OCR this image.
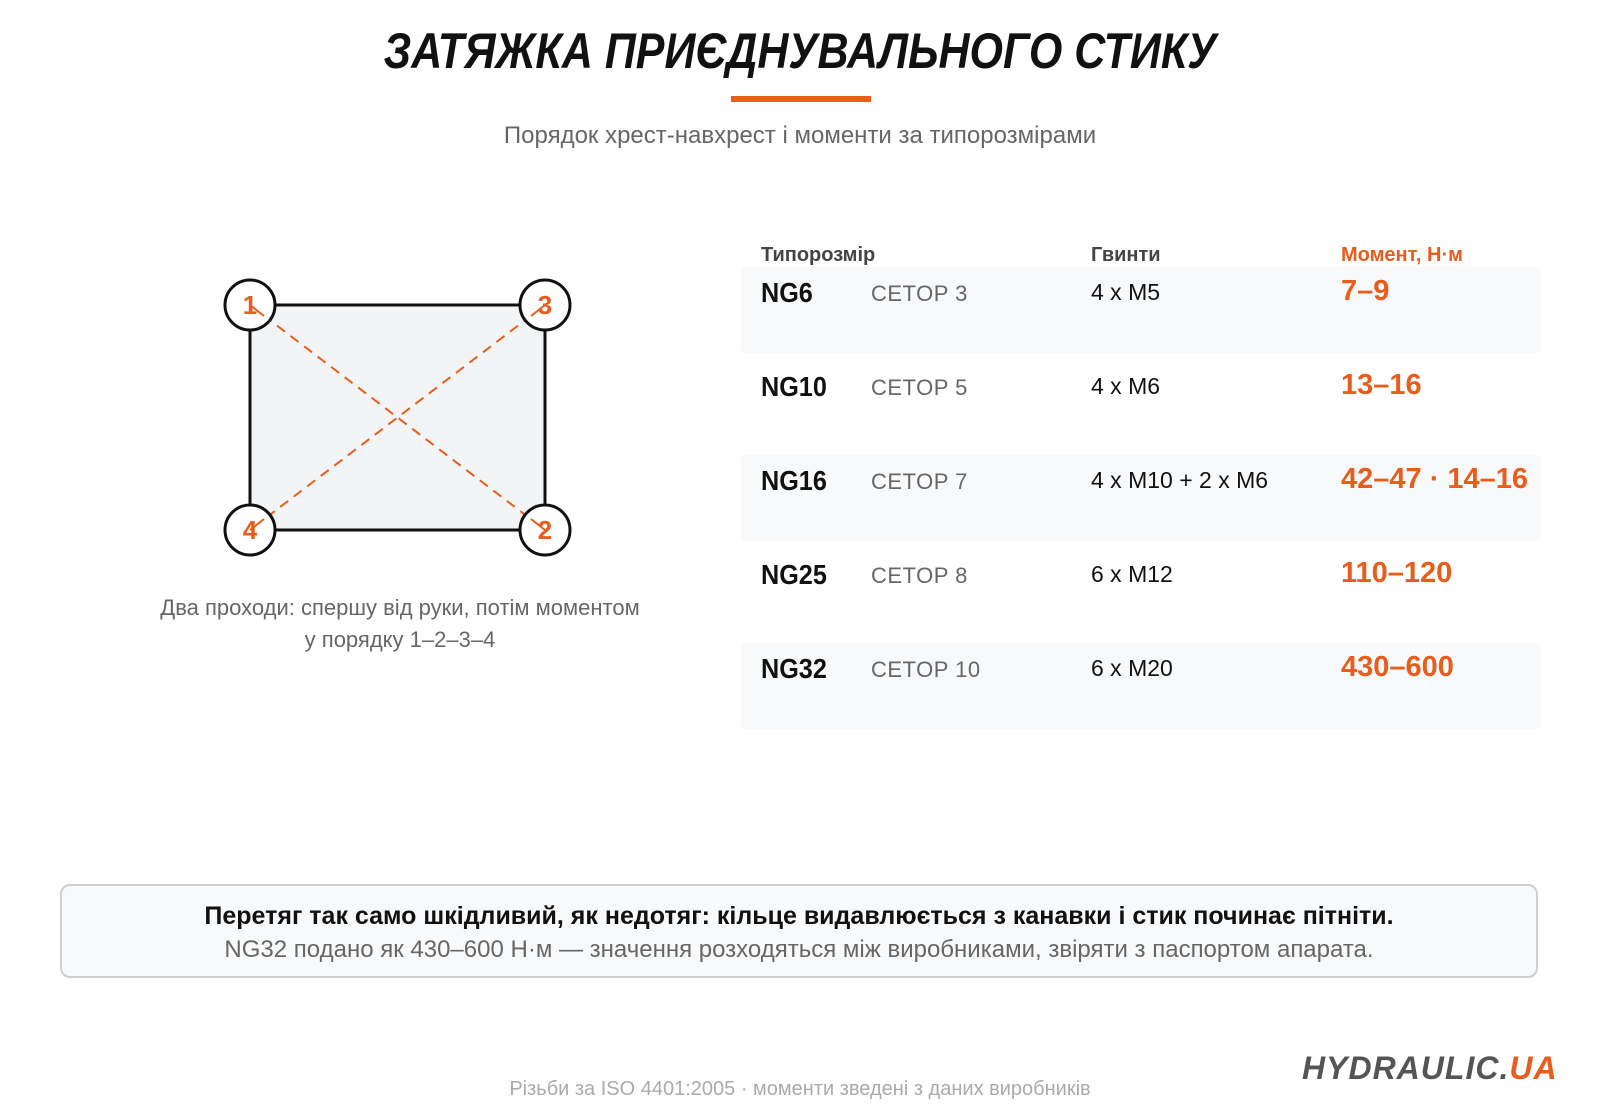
ЗАТЯЖКА ПРИЄДНУВАЛЬНОГО СТИКУ
Порядок хрест-навхрест і моменти за типорозмірами
1	3
4	2
Два проходи: спершу від руки, потім моментом
у порядку 1–2–3–4
Типорозмір	Гвинти	Момент, Н·м
NG6	CETOP 3	4 x M5	7–9
NG10 CETOP 5	4 x M6	13–16
NG16 CETOP 7	4 x M10 + 2 x M6	42–47 · 14–16
NG25 CETOP 8	6 x M12	110–120
NG32 CETOP 10	6 x M20	430–600
Перетяг так само шкідливий, як недотяг: кільце видавлюється з канавки і стик починає пітніти.
NG32 подано як 430–600 Н·м — значення розходяться між виробниками, звіряти з паспортом апарата.
Різьби за ISO 4401:2005 · моменти зведені з даних виробників
HYDRAULIC.UA
